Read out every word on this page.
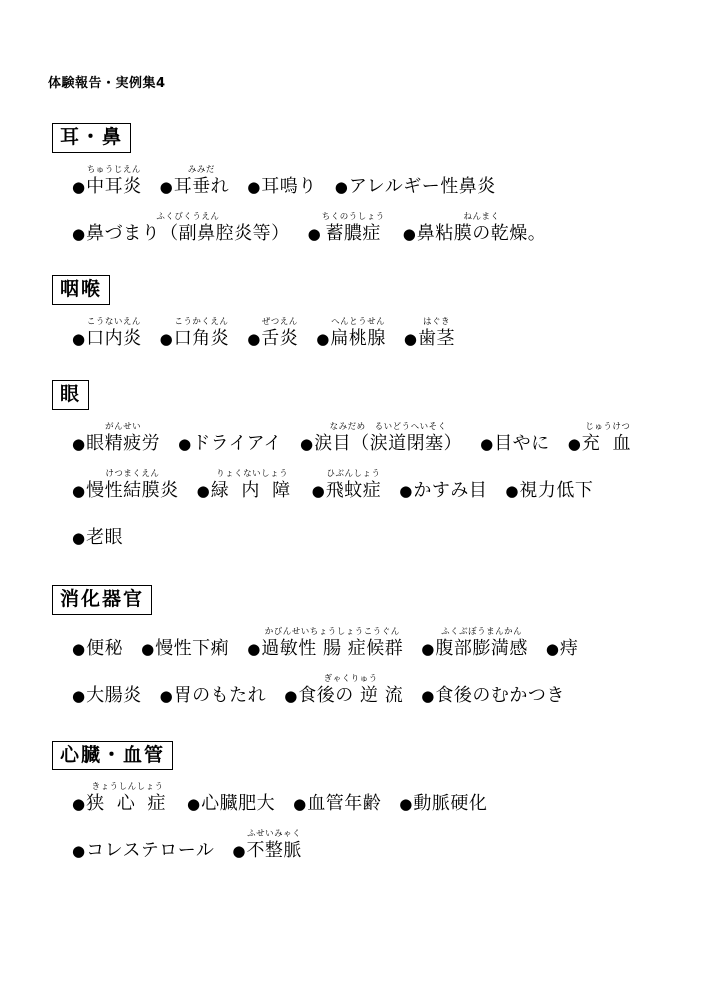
体験報告・実例集4
耳・鼻
●
ちゅうじえん
中耳炎 ●
みみだ
耳垂れ ● 耳鳴り ● アレルギー性鼻炎
●
ふくびくうえん
鼻づまり（副鼻腔炎等） ●
ちくのうしょう
蓄膿症 ●
ねんまく
鼻粘膜の乾燥。
咽喉
●
こうないえん
口内炎 ●
こうかくえん
口角炎 ●
ぜつえん
舌炎 ●
へんとうせん
扁桃腺 ●
はぐき
歯茎
眼
●
がんせい
眼精疲労 ● ドライアイ ●
なみだめ　るいどうへいそく
涙目（涙道閉塞） ● 目やに ●
じゅうけつ
充 血
●
けつまくえん
慢性結膜炎 ●
りょくないしょう
緑 内 障 ●
ひぶんしょう
飛蚊症 ● かすみ目 ● 視力低下
● 老眼
消化器官
● 便秘 ● 慢性下痢 ●
かびんせいちょうしょうこうぐん
過敏性 腸 症候群 ●
ふくぶぼうまんかん
腹部膨満感 ● 痔
● 大腸炎 ● 胃のもたれ ●
ぎゃくりゅう
食後の 逆 流 ● 食後のむかつき
心臓・血管
●
きょうしんしょう
狭 心 症 ● 心臓肥大 ● 血管年齢 ● 動脈硬化
● コレステロール ●
ふせいみゃく
不整脈
